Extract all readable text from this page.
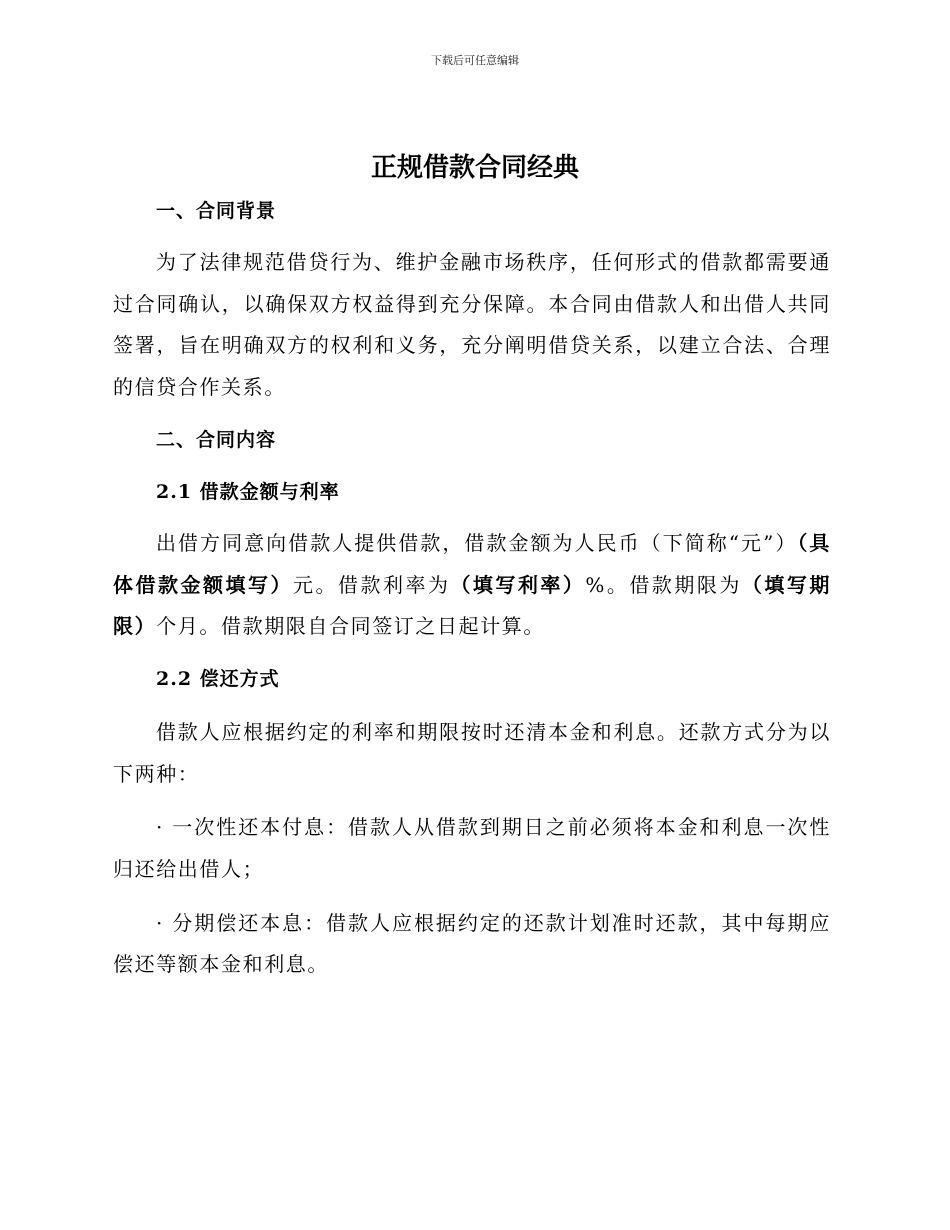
下载后可任意编辑
正规借款合同经典

一、合同背景

为了法律规范借贷行为、维护金融市场秩序，任何形式的借款都需要通过合同确认，以确保双方权益得到充分保障。本合同由借款人和出借人共同签署，旨在明确双方的权利和义务，充分阐明借贷关系，以建立合法、合理的信贷合作关系。

二、合同内容

2.1 借款金额与利率

出借方同意向借款人提供借款，借款金额为人民币（下简称“元”）（具体借款金额填写）元。借款利率为（填写利率）%。借款期限为（填写期限）个月。借款期限自合同签订之日起计算。

2.2 偿还方式

借款人应根据约定的利率和期限按时还清本金和利息。还款方式分为以下两种：

· 一次性还本付息：借款人从借款到期日之前必须将本金和利息一次性归还给出借人；

· 分期偿还本息：借款人应根据约定的还款计划准时还款，其中每期应偿还等额本金和利息。
